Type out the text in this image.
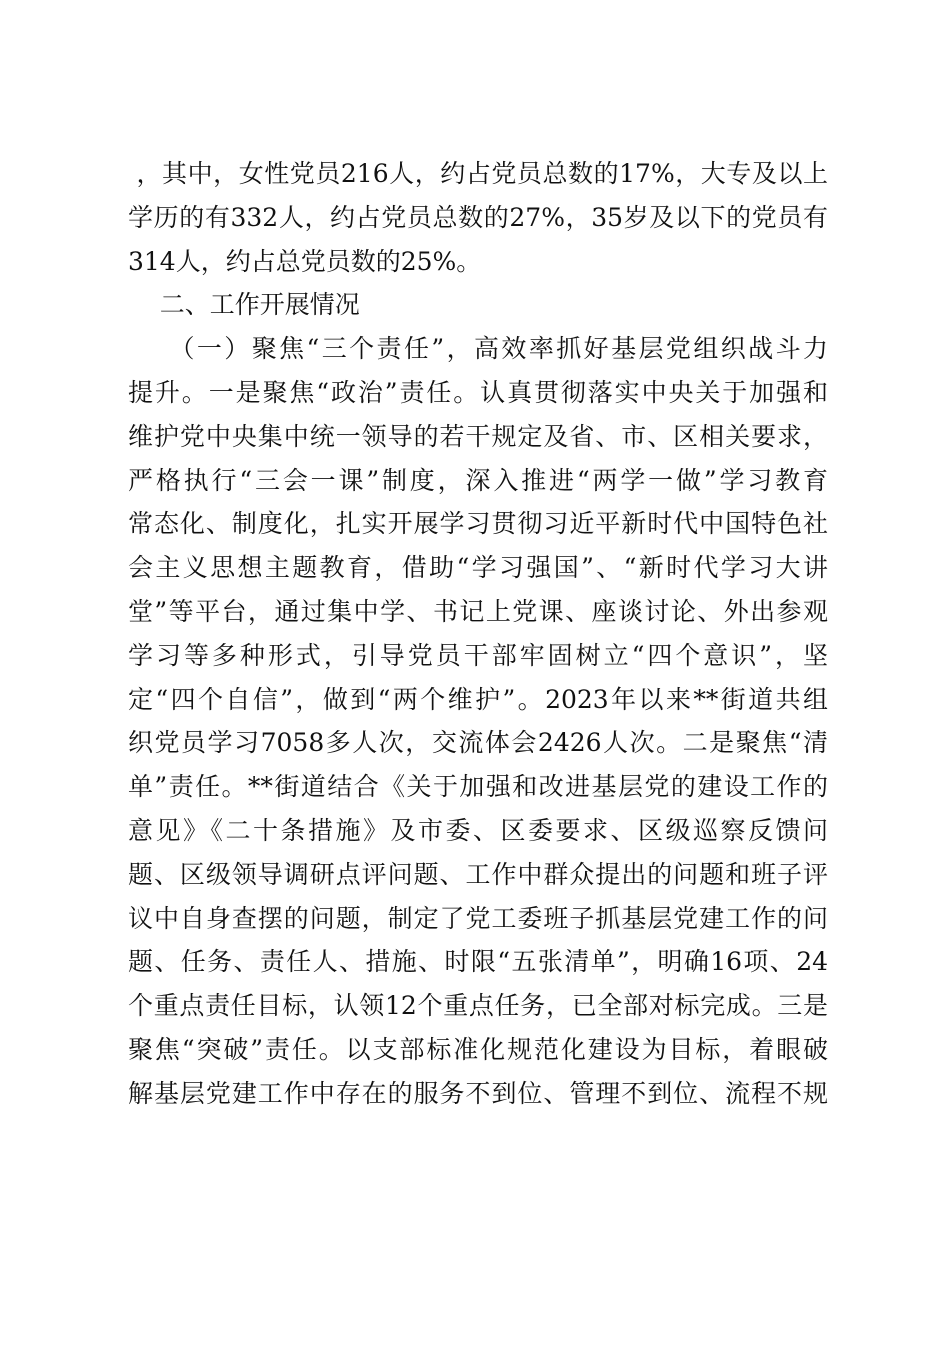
，其中，女性党员216人，约占党员总数的17%，大专及以上
学历的有332人，约占党员总数的27%，35岁及以下的党员有
314人，约占总党员数的25%。
二、工作开展情况
（一）聚焦“三个责任”，高效率抓好基层党组织战斗力
提升。一是聚焦“政治”责任。认真贯彻落实中央关于加强和
维护党中央集中统一领导的若干规定及省、市、区相关要求，
严格执行“三会一课”制度，深入推进“两学一做”学习教育
常态化、制度化，扎实开展学习贯彻习近平新时代中国特色社
会主义思想主题教育，借助“学习强国”、“新时代学习大讲
堂”等平台，通过集中学、书记上党课、座谈讨论、外出参观
学习等多种形式，引导党员干部牢固树立“四个意识”，坚
定“四个自信”，做到“两个维护”。2023年以来**街道共组
织党员学习7058多人次，交流体会2426人次。二是聚焦“清
单”责任。**街道结合《关于加强和改进基层党的建设工作的
意见》《二十条措施》及市委、区委要求、区级巡察反馈问
题、区级领导调研点评问题、工作中群众提出的问题和班子评
议中自身查摆的问题，制定了党工委班子抓基层党建工作的问
题、任务、责任人、措施、时限“五张清单”，明确16项、24
个重点责任目标，认领12个重点任务，已全部对标完成。三是
聚焦“突破”责任。以支部标准化规范化建设为目标，着眼破
解基层党建工作中存在的服务不到位、管理不到位、流程不规
